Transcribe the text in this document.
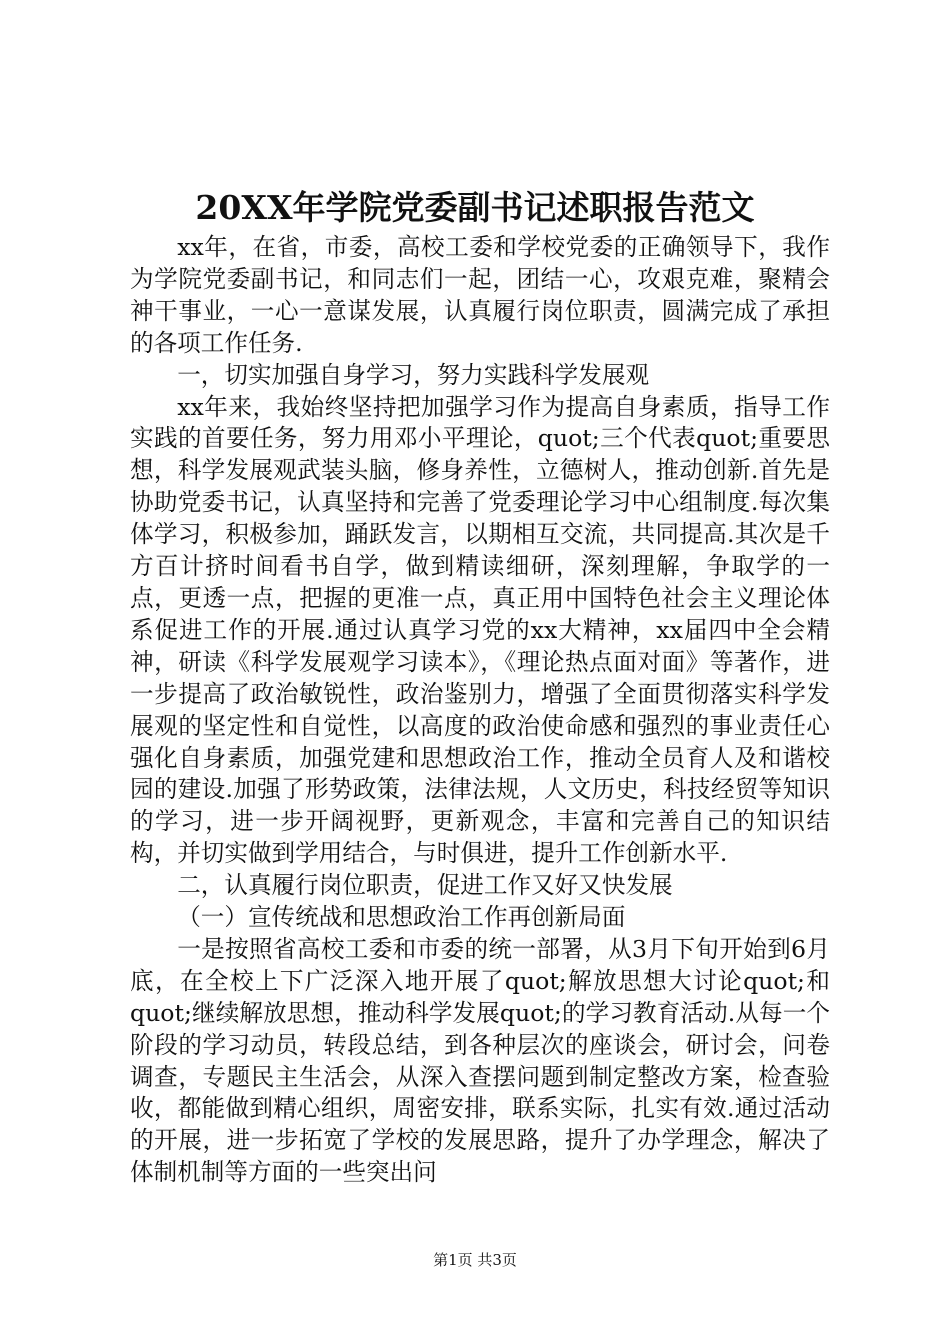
20XX年学院党委副书记述职报告范文

xx年，在省，市委，高校工委和学校党委的正确领导下，我作为学院党委副书记，和同志们一起，团结一心，攻艰克难，聚精会神干事业，一心一意谋发展，认真履行岗位职责，圆满完成了承担的各项工作任务.

一，切实加强自身学习，努力实践科学发展观

xx年来，我始终坚持把加强学习作为提高自身素质，指导工作实践的首要任务，努力用邓小平理论，quot;三个代表quot;重要思想，科学发展观武装头脑，修身养性，立德树人，推动创新.首先是协助党委书记，认真坚持和完善了党委理论学习中心组制度.每次集体学习，积极参加，踊跃发言，以期相互交流，共同提高.其次是千方百计挤时间看书自学，做到精读细研，深刻理解，争取学的一点，更透一点，把握的更准一点，真正用中国特色社会主义理论体系促进工作的开展.通过认真学习党的xx大精神，xx届四中全会精神，研读《科学发展观学习读本》，《理论热点面对面》等著作，进一步提高了政治敏锐性，政治鉴别力，增强了全面贯彻落实科学发展观的坚定性和自觉性，以高度的政治使命感和强烈的事业责任心强化自身素质，加强党建和思想政治工作，推动全员育人及和谐校园的建设.加强了形势政策，法律法规，人文历史，科技经贸等知识的学习，进一步开阔视野，更新观念，丰富和完善自己的知识结构，并切实做到学用结合，与时俱进，提升工作创新水平.

二，认真履行岗位职责，促进工作又好又快发展

（一）宣传统战和思想政治工作再创新局面

一是按照省高校工委和市委的统一部署，从3月下旬开始到6月底，在全校上下广泛深入地开展了quot;解放思想大讨论quot;和quot;继续解放思想，推动科学发展quot;的学习教育活动.从每一个阶段的学习动员，转段总结，到各种层次的座谈会，研讨会，问卷调查，专题民主生活会，从深入查摆问题到制定整改方案，检查验收，都能做到精心组织，周密安排，联系实际，扎实有效.通过活动的开展，进一步拓宽了学校的发展思路，提升了办学理念，解决了体制机制等方面的一些突出问

第1页 共3页
